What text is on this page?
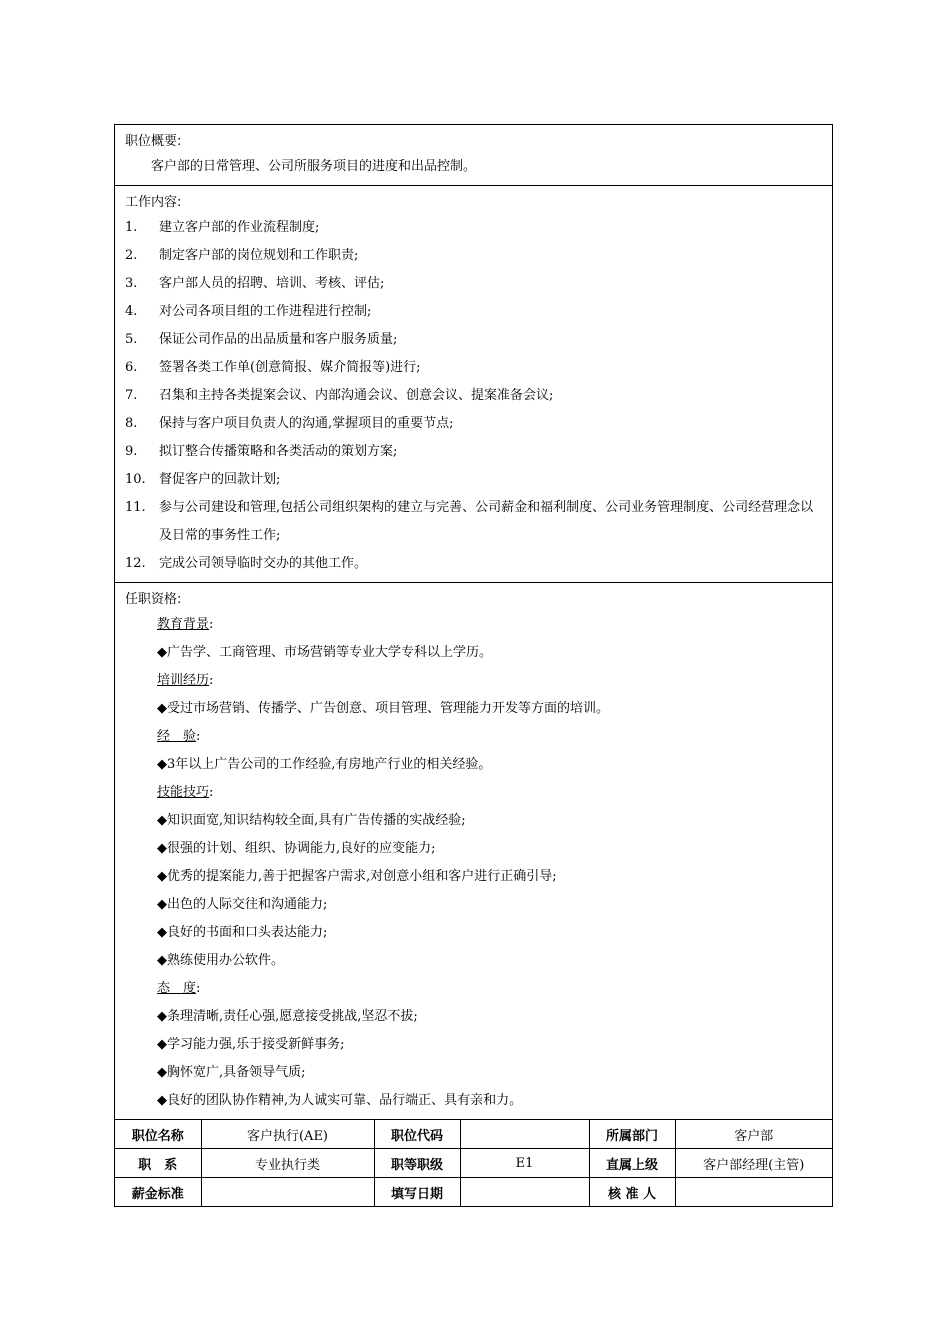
职位概要:
客户部的日常管理、公司所服务项目的进度和出品控制。
工作内容:
1.	建立客户部的作业流程制度;
2.	制定客户部的岗位规划和工作职责;
3.	客户部人员的招聘、培训、考核、评估;
4.	对公司各项目组的工作进程进行控制;
5.	保证公司作品的出品质量和客户服务质量;
6.	签署各类工作单(创意简报、媒介简报等)进行;
7.	召集和主持各类提案会议、内部沟通会议、创意会议、提案准备会议;
8.	保持与客户项目负责人的沟通,掌握项目的重要节点;
9.	拟订整合传播策略和各类活动的策划方案;
10.	督促客户的回款计划;
11.	参与公司建设和管理,包括公司组织架构的建立与完善、公司薪金和福利制度、公司业务管理制度、公司经营理念以及日常的事务性工作;
12.	完成公司领导临时交办的其他工作。
任职资格:
教育背景:
◆广告学、工商管理、市场营销等专业大学专科以上学历。
培训经历:
◆受过市场营销、传播学、广告创意、项目管理、管理能力开发等方面的培训。
经　验:
◆3年以上广告公司的工作经验,有房地产行业的相关经验。
技能技巧:
◆知识面宽,知识结构较全面,具有广告传播的实战经验;
◆很强的计划、组织、协调能力,良好的应变能力;
◆优秀的提案能力,善于把握客户需求,对创意小组和客户进行正确引导;
◆出色的人际交往和沟通能力;
◆良好的书面和口头表达能力;
◆熟练使用办公软件。
态　度:
◆条理清晰,责任心强,愿意接受挑战,坚忍不拔;
◆学习能力强,乐于接受新鲜事务;
◆胸怀宽广,具备领导气质;
◆良好的团队协作精神,为人诚实可靠、品行端正、具有亲和力。
职位名称	客户执行(AE)	职位代码		所属部门	客户部
职　系	专业执行类	职等职级	E1	直属上级	客户部经理(主管)
薪金标准		填写日期		核 准 人	
